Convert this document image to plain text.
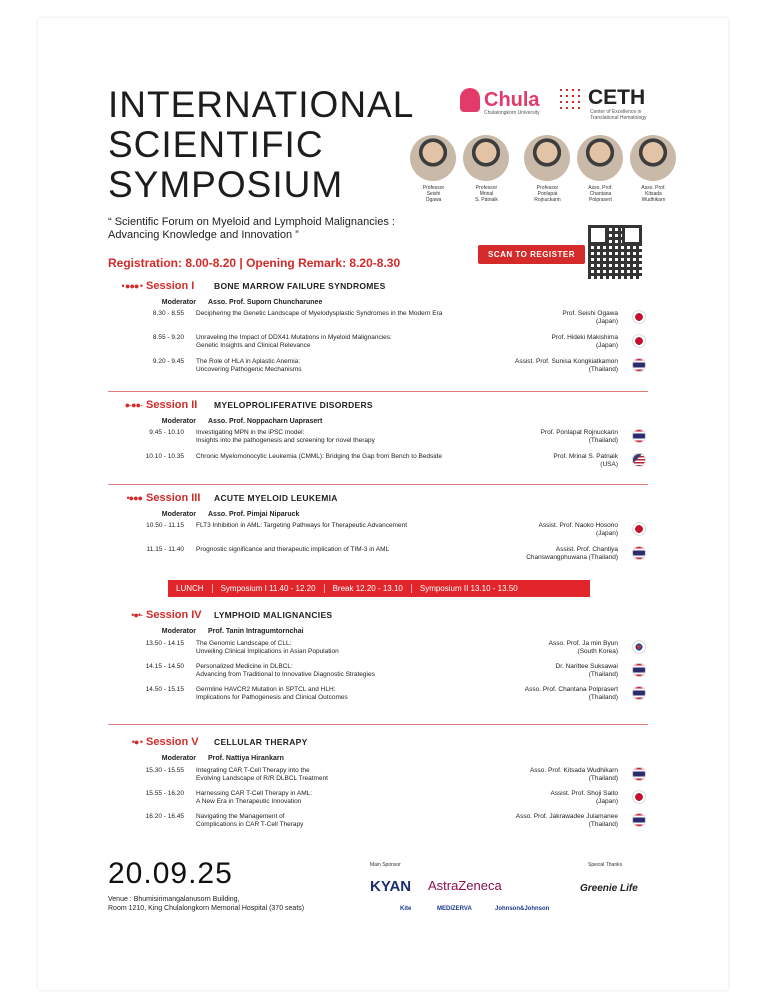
INTERNATIONAL
SCIENTIFIC
SYMPOSIUM
Chula
Chulalongkorn University
CETH
Center of Excellence in Translational Hematology
Professor
Seishi
Ogawa
Professor
Mrinal
S. Patnaik
Professor
Ponlapat
Rojnuckarin
Asso. Prof.
Chantana
Polprasert
Asso. Prof.
Kitsada
Wudhikarn
“ Scientific Forum on Myeloid and Lymphoid Malignancies : Advancing Knowledge and Innovation ”
Registration: 8.00-8.20 | Opening Remark: 8.20-8.30
SCAN TO REGISTER
• ●●● • Session I	BONE MARROW FAILURE SYNDROMES
Moderator	Asso. Prof. Suporn Chuncharunee
8.30 - 8.55	Deciphering the Genetic Landscape of Myelodysplastic Syndromes in the Modern Era	Prof. Seishi Ogawa
(Japan)
8.55 - 9.20	Unraveling the Impact of DDX41 Mutations in Myeloid Malignancies:
Genetic Insights and Clinical Relevance
Prof. Hideki Makishima
(Japan)
9.20 - 9.45	The Role of HLA in Aplastic Anemia:
Uncovering Pathogenic Mechanisms
Assist. Prof. Sunisa Kongkiatkamon
(Thailand)
●-●●- Session II	MYELOPROLIFERATIVE DISORDERS
Moderator	Asso. Prof. Noppacharn Uaprasert
9.45 - 10.10	Investigating MPN in the iPSC model:
Insights into the pathogenesis and screening for novel therapy
Prof. Ponlapat Rojnuckarin
(Thailand)
10.10 - 10.35	Chronic Myelomonocytic Leukemia (CMML): Bridging the Gap from Bench to Bedside	Prof. Mrinal S. Patnaik
(USA)
•●●● Session III	ACUTE MYELOID LEUKEMIA
Moderator	Asso. Prof. Pimjai Niparuck
10.50 - 11.15	FLT3 Inhibition in AML: Targeting Pathways for Therapeutic Advancement	Assist. Prof. Naoko Hosono
(Japan)
11.15 - 11.40	Prognostic significance and therapeutic implication of TIM-3 in AML	Assist. Prof. Chantiya
Chanswangphuwana (Thailand)
LUNCH	Symposium I 11.40 - 12.20	Break 12.20 - 13.10	Symposium II 13.10 - 13.50
•●•- Session IV	LYMPHOID MALIGNANCIES
Moderator	Prof. Tanin Intragumtornchai
13.50 - 14.15	The Genomic Landscape of CLL:
Unveiling Clinical Implications in Asian Population
Asso. Prof. Ja min Byun
(South Korea)
14.15 - 14.50	Personalized Medicine in DLBCL:
Advancing from Traditional to Innovative Diagnostic Strategies
Dr. Narittee Suksawai
(Thailand)
14.50 - 15.15	Germline HAVCR2 Mutation in SPTCL and HLH:
Implications for Pathogenesis and Clinical Outcomes
Asso. Prof. Chantana Polprasert
(Thailand)
•● • Session V	CELLULAR THERAPY
Moderator	Prof. Nattiya Hirankarn
15.30 - 15.55	Integrating CAR T-Cell Therapy into the
Evolving Landscape of R/R DLBCL Treatment
Asso. Prof. Kitsada Wudhikarn
(Thailand)
15.55 - 16.20	Harnessing CAR T-Cell Therapy in AML:
A New Era in Therapeutic Innovation
Assist. Prof. Shoji Saito
(Japan)
16.20 - 16.45	Navigating the Management of
Complications in CAR T-Cell Therapy
Asso. Prof. Jakrawadee Julamanee
(Thailand)
20.09.25
Venue : Bhumisirimangalanusorn Building,
Room 1210, King Chulalongkorn Memorial Hospital (370 seats)
Main Sponsor	Special Thanks
KYAN AstraZeneca
Kite	MEDIZERVA	Johnson&Johnson
Greenie Life
